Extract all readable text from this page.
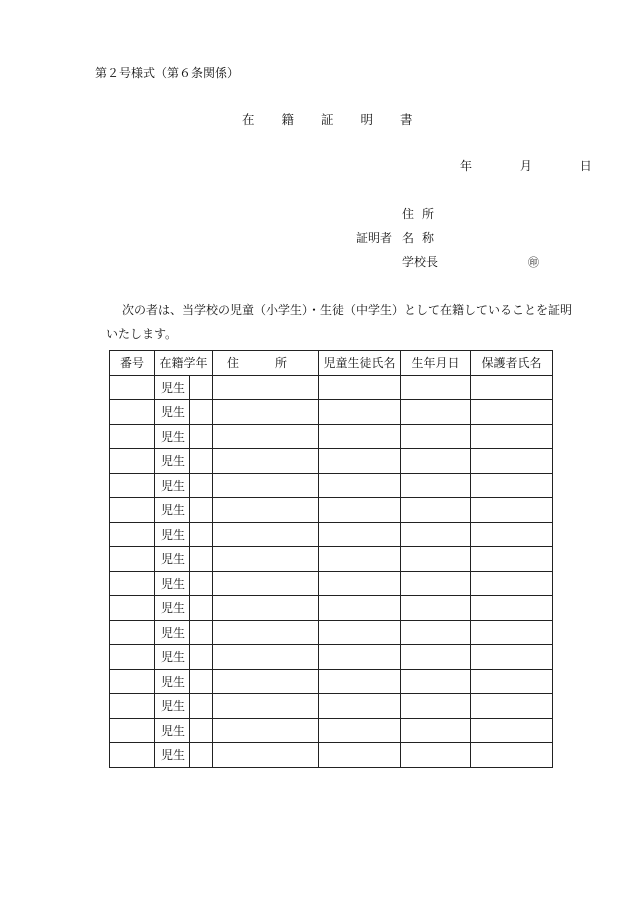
第２号様式（第６条関係）
在籍証明書
年	月	日
住所
証明者 名称
学校長	㊞

次の者は、当学校の児童（小学生）・生徒（中学生）として在籍していることを証明いたします。

番号	在籍学年		住　　　所	児童生徒氏名	生年月日	保護者氏名
	児生					
	児生					
	児生					
	児生					
	児生					
	児生					
	児生					
	児生					
	児生					
	児生					
	児生					
	児生					
	児生					
	児生					
	児生					
	児生					
